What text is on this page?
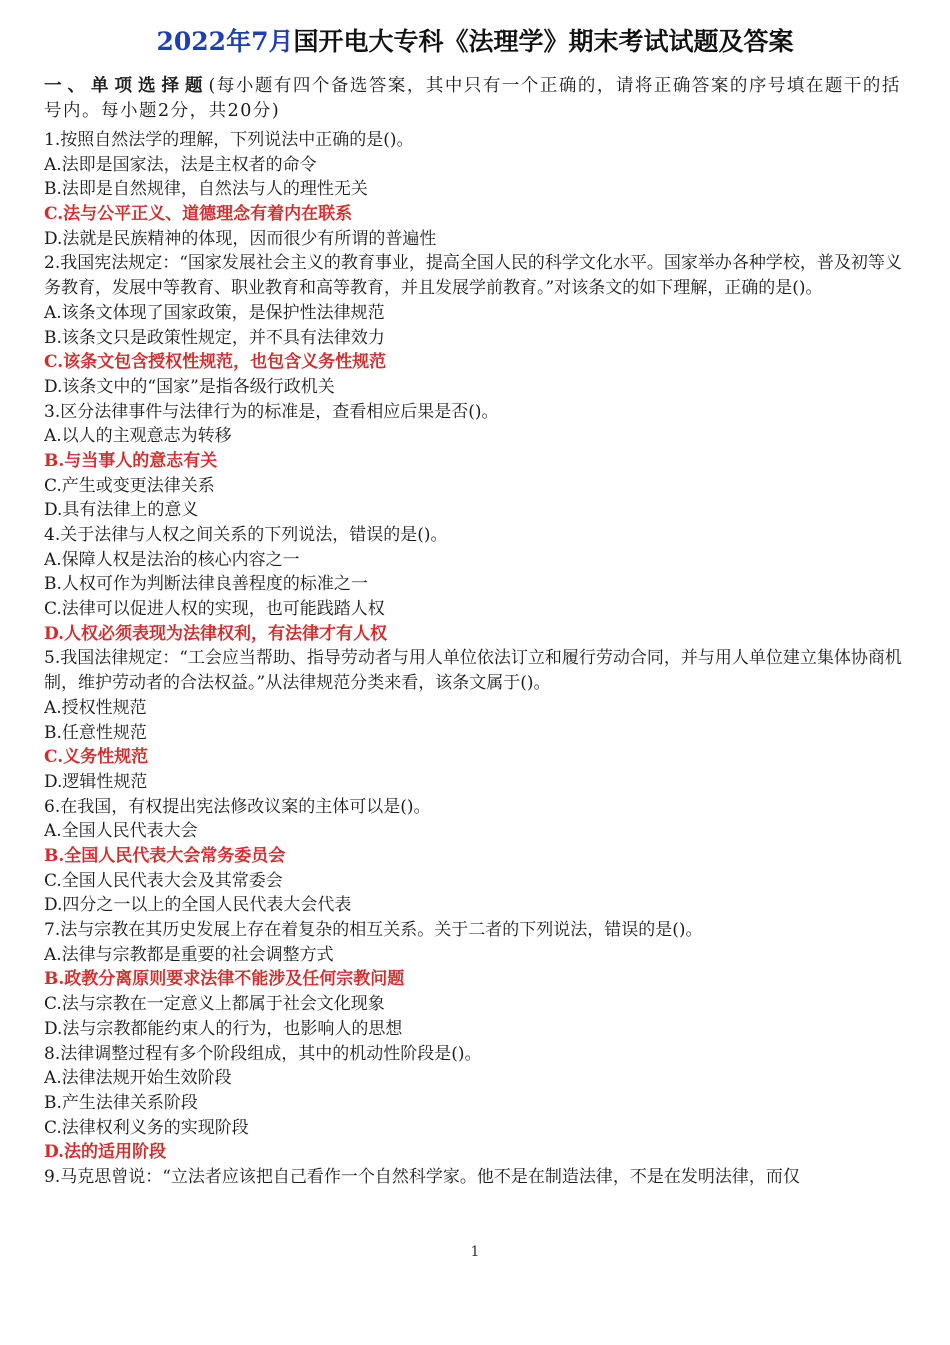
2022年7月国开电大专科《法理学》期末考试试题及答案
一、单项选择题(每小题有四个备选答案，其中只有一个正确的，请将正确答案的序号填在题干的括号内。每小题2分，共20分)
1.按照自然法学的理解，下列说法中正确的是()。
A.法即是国家法，法是主权者的命令
B.法即是自然规律，自然法与人的理性无关
C.法与公平正义、道德理念有着内在联系
D.法就是民族精神的体现，因而很少有所谓的普遍性
2.我国宪法规定：“国家发展社会主义的教育事业，提高全国人民的科学文化水平。国家举办各种学校，普及初等义务教育，发展中等教育、职业教育和高等教育，并且发展学前教育。”对该条文的如下理解，正确的是()。
A.该条文体现了国家政策，是保护性法律规范
B.该条文只是政策性规定，并不具有法律效力
C.该条文包含授权性规范，也包含义务性规范
D.该条文中的“国家”是指各级行政机关
3.区分法律事件与法律行为的标准是，查看相应后果是否()。
A.以人的主观意志为转移
B.与当事人的意志有关
C.产生或变更法律关系
D.具有法律上的意义
4.关于法律与人权之间关系的下列说法，错误的是()。
A.保障人权是法治的核心内容之一
B.人权可作为判断法律良善程度的标准之一
C.法律可以促进人权的实现，也可能践踏人权
D.人权必须表现为法律权利，有法律才有人权
5.我国法律规定：“工会应当帮助、指导劳动者与用人单位依法订立和履行劳动合同，并与用人单位建立集体协商机制，维护劳动者的合法权益。”从法律规范分类来看，该条文属于()。
A.授权性规范
B.任意性规范
C.义务性规范
D.逻辑性规范
6.在我国，有权提出宪法修改议案的主体可以是()。
A.全国人民代表大会
B.全国人民代表大会常务委员会
C.全国人民代表大会及其常委会
D.四分之一以上的全国人民代表大会代表
7.法与宗教在其历史发展上存在着复杂的相互关系。关于二者的下列说法，错误的是()。
A.法律与宗教都是重要的社会调整方式
B.政教分离原则要求法律不能涉及任何宗教问题
C.法与宗教在一定意义上都属于社会文化现象
D.法与宗教都能约束人的行为，也影响人的思想
8.法律调整过程有多个阶段组成，其中的机动性阶段是()。
A.法律法规开始生效阶段
B.产生法律关系阶段
C.法律权利义务的实现阶段
D.法的适用阶段
9.马克思曾说：“立法者应该把自己看作一个自然科学家。他不是在制造法律，不是在发明法律，而仅
1
